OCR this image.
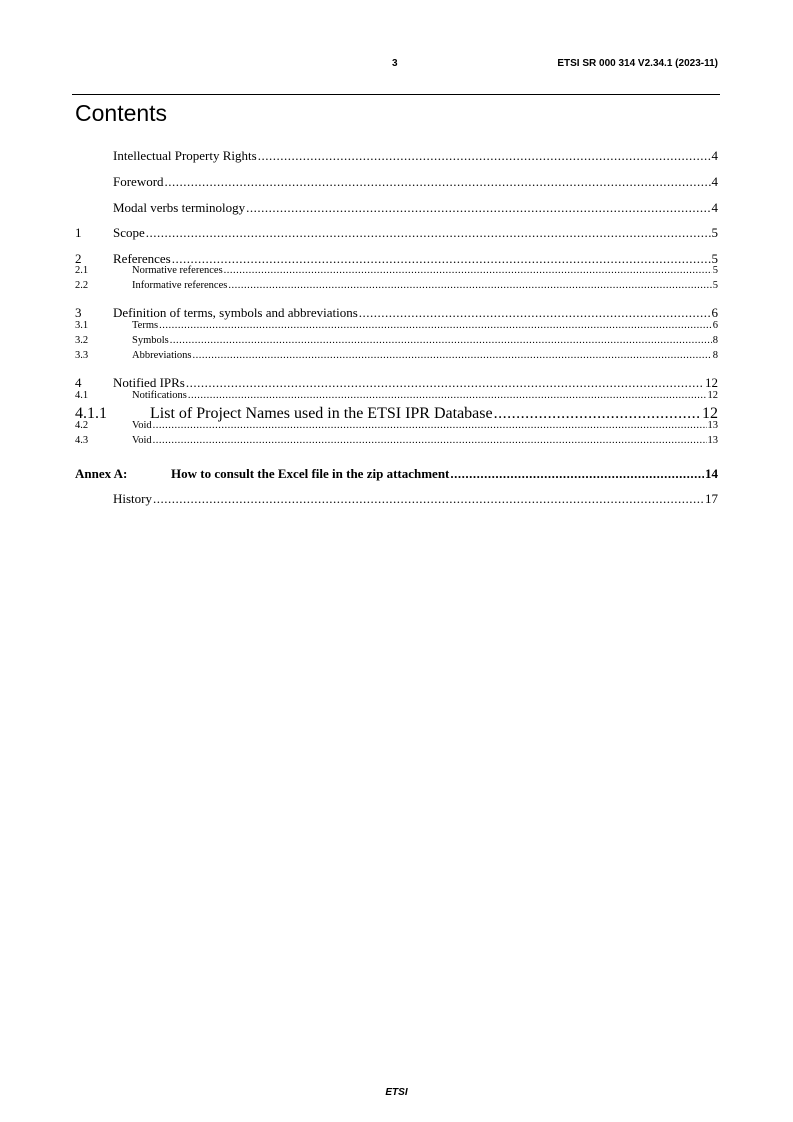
3	ETSI SR 000 314 V2.34.1 (2023-11)
Contents
Intellectual Property Rights .....	4
Foreword .....	4
Modal verbs terminology .....	4
1	Scope .....	5
2	References .....	5
2.1	Normative references .....	5
2.2	Informative references .....	5
3	Definition of terms, symbols and abbreviations .....	6
3.1	Terms .....	6
3.2	Symbols .....	8
3.3	Abbreviations .....	8
4	Notified IPRs .....	12
4.1	Notifications .....	12
4.1.1	List of Project Names used in the ETSI IPR Database .....	12
4.2	Void .....	13
4.3	Void .....	13
Annex A:	How to consult the Excel file in the zip attachment .....	14
History .....	17
ETSI
